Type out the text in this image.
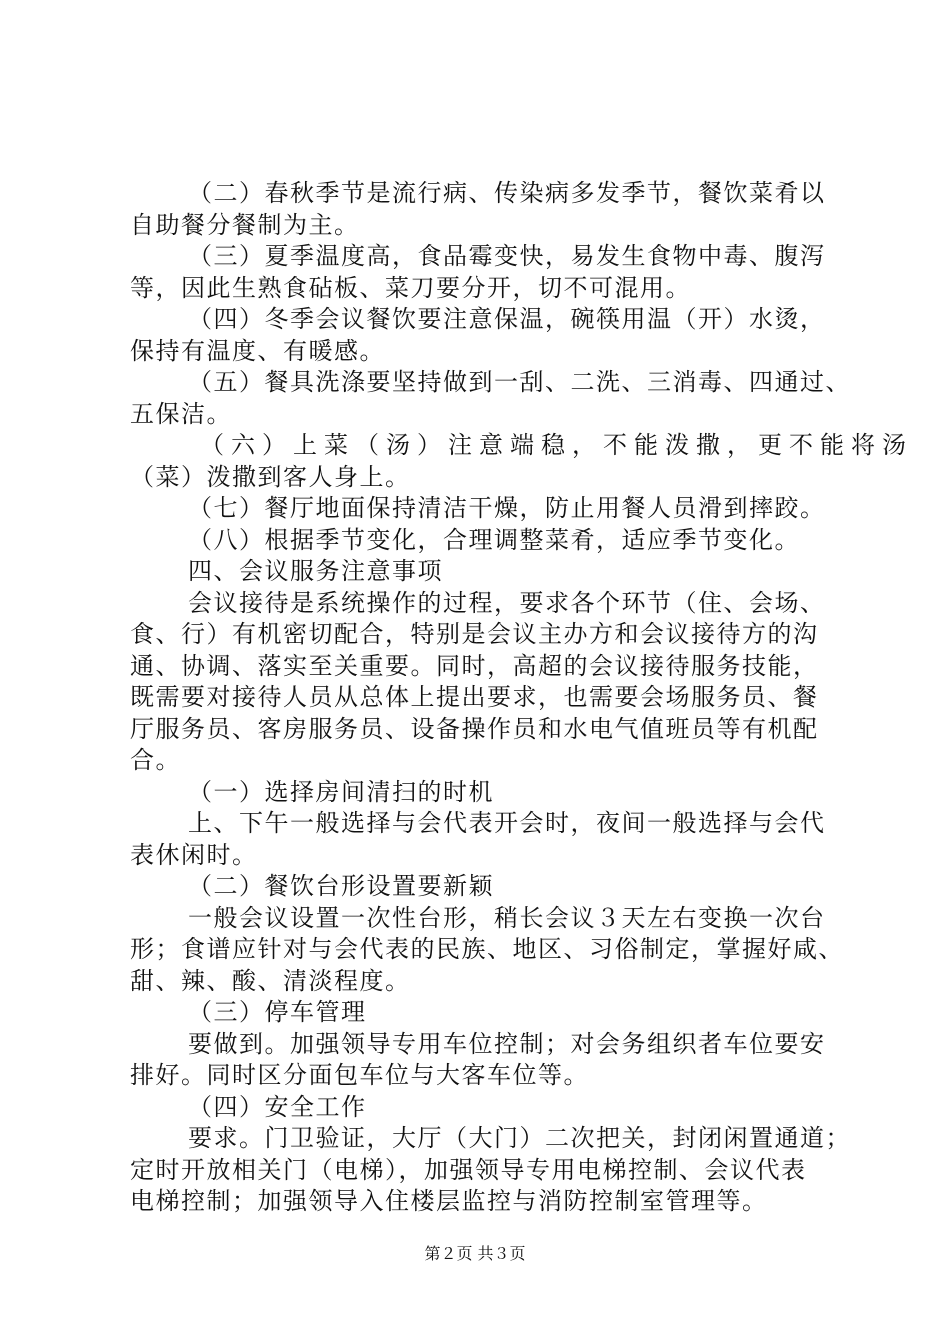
（二）春秋季节是流行病、传染病多发季节，餐饮菜肴以
自助餐分餐制为主。
（三）夏季温度高，食品霉变快，易发生食物中毒、腹泻
等，因此生熟食砧板、菜刀要分开，切不可混用。
（四）冬季会议餐饮要注意保温，碗筷用温（开）水烫，
保持有温度、有暖感。
（五）餐具洗涤要坚持做到一刮、二洗、三消毒、四通过、
五保洁。
（六）上菜（汤）注意端稳，不能泼撒，更不能将汤
（菜）泼撒到客人身上。
（七）餐厅地面保持清洁干燥，防止用餐人员滑到摔跤。
（八）根据季节变化，合理调整菜肴，适应季节变化。
四、会议服务注意事项
会议接待是系统操作的过程，要求各个环节（住、会场、
食、行）有机密切配合，特别是会议主办方和会议接待方的沟
通、协调、落实至关重要。同时，高超的会议接待服务技能，
既需要对接待人员从总体上提出要求，也需要会场服务员、餐
厅服务员、客房服务员、设备操作员和水电气值班员等有机配
合。
（一）选择房间清扫的时机
上、下午一般选择与会代表开会时，夜间一般选择与会代
表休闲时。
（二）餐饮台形设置要新颖
一般会议设置一次性台形，稍长会议３天左右变换一次台
形；食谱应针对与会代表的民族、地区、习俗制定，掌握好咸、
甜、辣、酸、清淡程度。
（三）停车管理
要做到。加强领导专用车位控制；对会务组织者车位要安
排好。同时区分面包车位与大客车位等。
（四）安全工作
要求。门卫验证，大厅（大门）二次把关，封闭闲置通道；
定时开放相关门（电梯），加强领导专用电梯控制、会议代表
电梯控制；加强领导入住楼层监控与消防控制室管理等。
第２页 共３页
